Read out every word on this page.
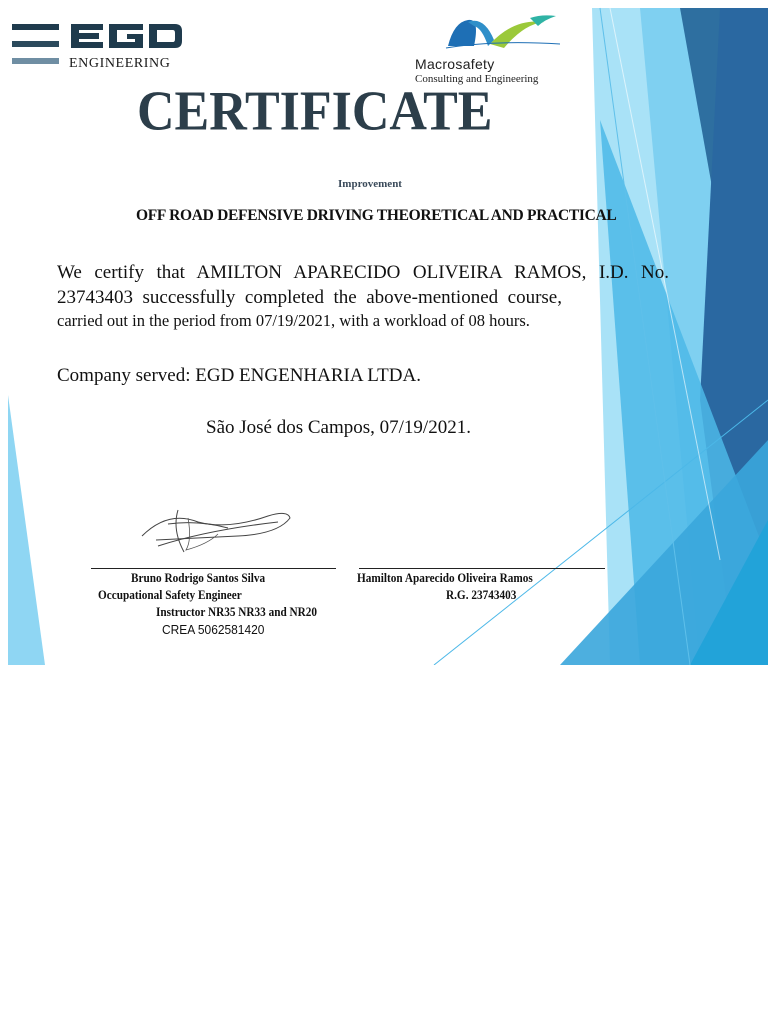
ENGINEERING	Macrosafety
Consulting and Engineering
CERTIFICATE
Improvement
OFF ROAD DEFENSIVE DRIVING THEORETICAL AND PRACTICAL
We certify that AMILTON APARECIDO OLIVEIRA RAMOS, I.D. No.
23743403 successfully completed the above-mentioned course,
carried out in the period from 07/19/2021, with a workload of 08 hours.
Company served: EGD ENGENHARIA LTDA.
São José dos Campos, 07/19/2021.
Bruno Rodrigo Santos Silva
Occupational Safety Engineer
Instructor NR35 NR33 and NR20
CREA 5062581420
Hamilton Aparecido Oliveira Ramos
R.G. 23743403
